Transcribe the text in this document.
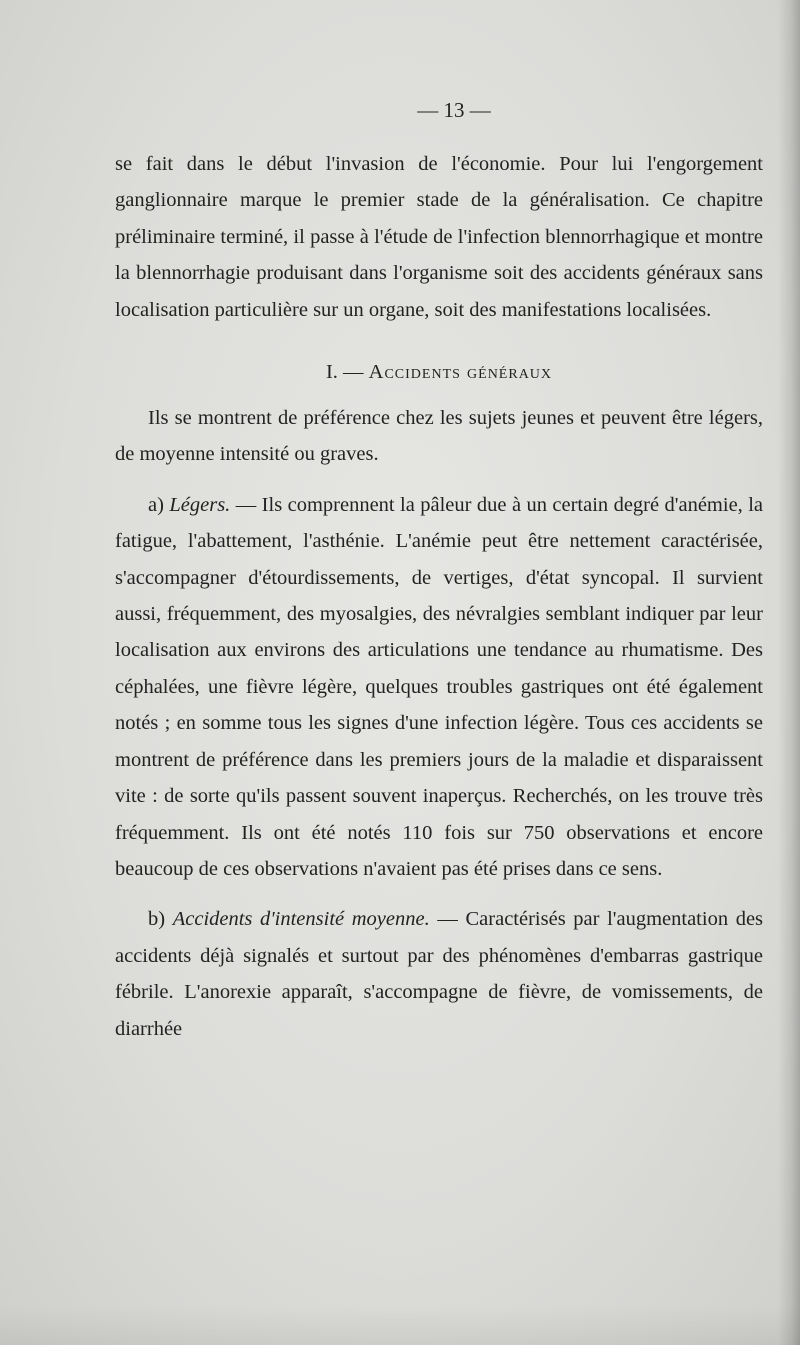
— 13 —

se fait dans le début l'invasion de l'économie. Pour lui l'engorgement ganglionnaire marque le premier stade de la généralisation. Ce chapitre préliminaire terminé, il passe à l'étude de l'infection blennorrhagique et montre la blennorrhagie produisant dans l'organisme soit des accidents généraux sans localisation particulière sur un organe, soit des manifestations localisées.

I. — Accidents généraux

Ils se montrent de préférence chez les sujets jeunes et peuvent être légers, de moyenne intensité ou graves.

a) Légers. — Ils comprennent la pâleur due à un certain degré d'anémie, la fatigue, l'abattement, l'asthénie. L'anémie peut être nettement caractérisée, s'accompagner d'étourdissements, de vertiges, d'état syncopal. Il survient aussi, fréquemment, des myosalgies, des névralgies semblant indiquer par leur localisation aux environs des articulations une tendance au rhumatisme. Des céphalées, une fièvre légère, quelques troubles gastriques ont été également notés ; en somme tous les signes d'une infection légère. Tous ces accidents se montrent de préférence dans les premiers jours de la maladie et disparaissent vite : de sorte qu'ils passent souvent inaperçus. Recherchés, on les trouve très fréquemment. Ils ont été notés 110 fois sur 750 observations et encore beaucoup de ces observations n'avaient pas été prises dans ce sens.

b) Accidents d'intensité moyenne. — Caractérisés par l'augmentation des accidents déjà signalés et surtout par des phénomènes d'embarras gastrique fébrile. L'anorexie apparaît, s'accompagne de fièvre, de vomissements, de diarrhée
